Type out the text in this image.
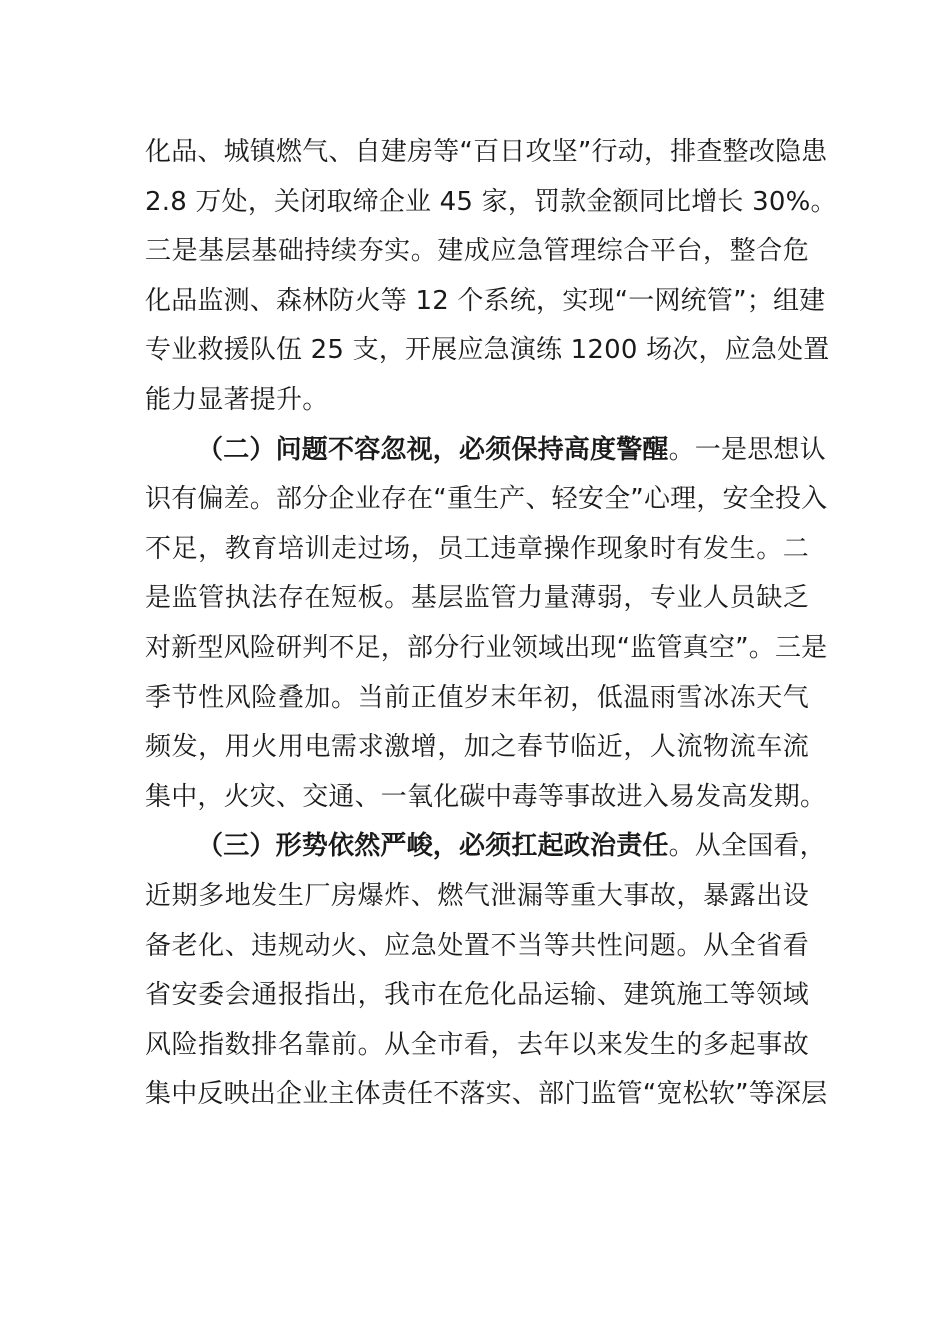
化品、城镇燃气、自建房等“百日攻坚”行动，排查整改隐患
2.8 万处，关闭取缔企业 45 家，罚款金额同比增长 30%。
三是基层基础持续夯实。建成应急管理综合平台，整合危
化品监测、森林防火等 12 个系统，实现“一网统管”；组建
专业救援队伍 25 支，开展应急演练 1200 场次，应急处置
能力显著提升。
（二）问题不容忽视，必须保持高度警醒。一是思想认
识有偏差。部分企业存在“重生产、轻安全”心理，安全投入
不足，教育培训走过场，员工违章操作现象时有发生。二
是监管执法存在短板。基层监管力量薄弱，专业人员缺乏
对新型风险研判不足，部分行业领域出现“监管真空”。三是
季节性风险叠加。当前正值岁末年初，低温雨雪冰冻天气
频发，用火用电需求激增，加之春节临近，人流物流车流
集中，火灾、交通、一氧化碳中毒等事故进入易发高发期。
（三）形势依然严峻，必须扛起政治责任。从全国看，
近期多地发生厂房爆炸、燃气泄漏等重大事故，暴露出设
备老化、违规动火、应急处置不当等共性问题。从全省看
省安委会通报指出，我市在危化品运输、建筑施工等领域
风险指数排名靠前。从全市看，去年以来发生的多起事故
集中反映出企业主体责任不落实、部门监管“宽松软”等深层
